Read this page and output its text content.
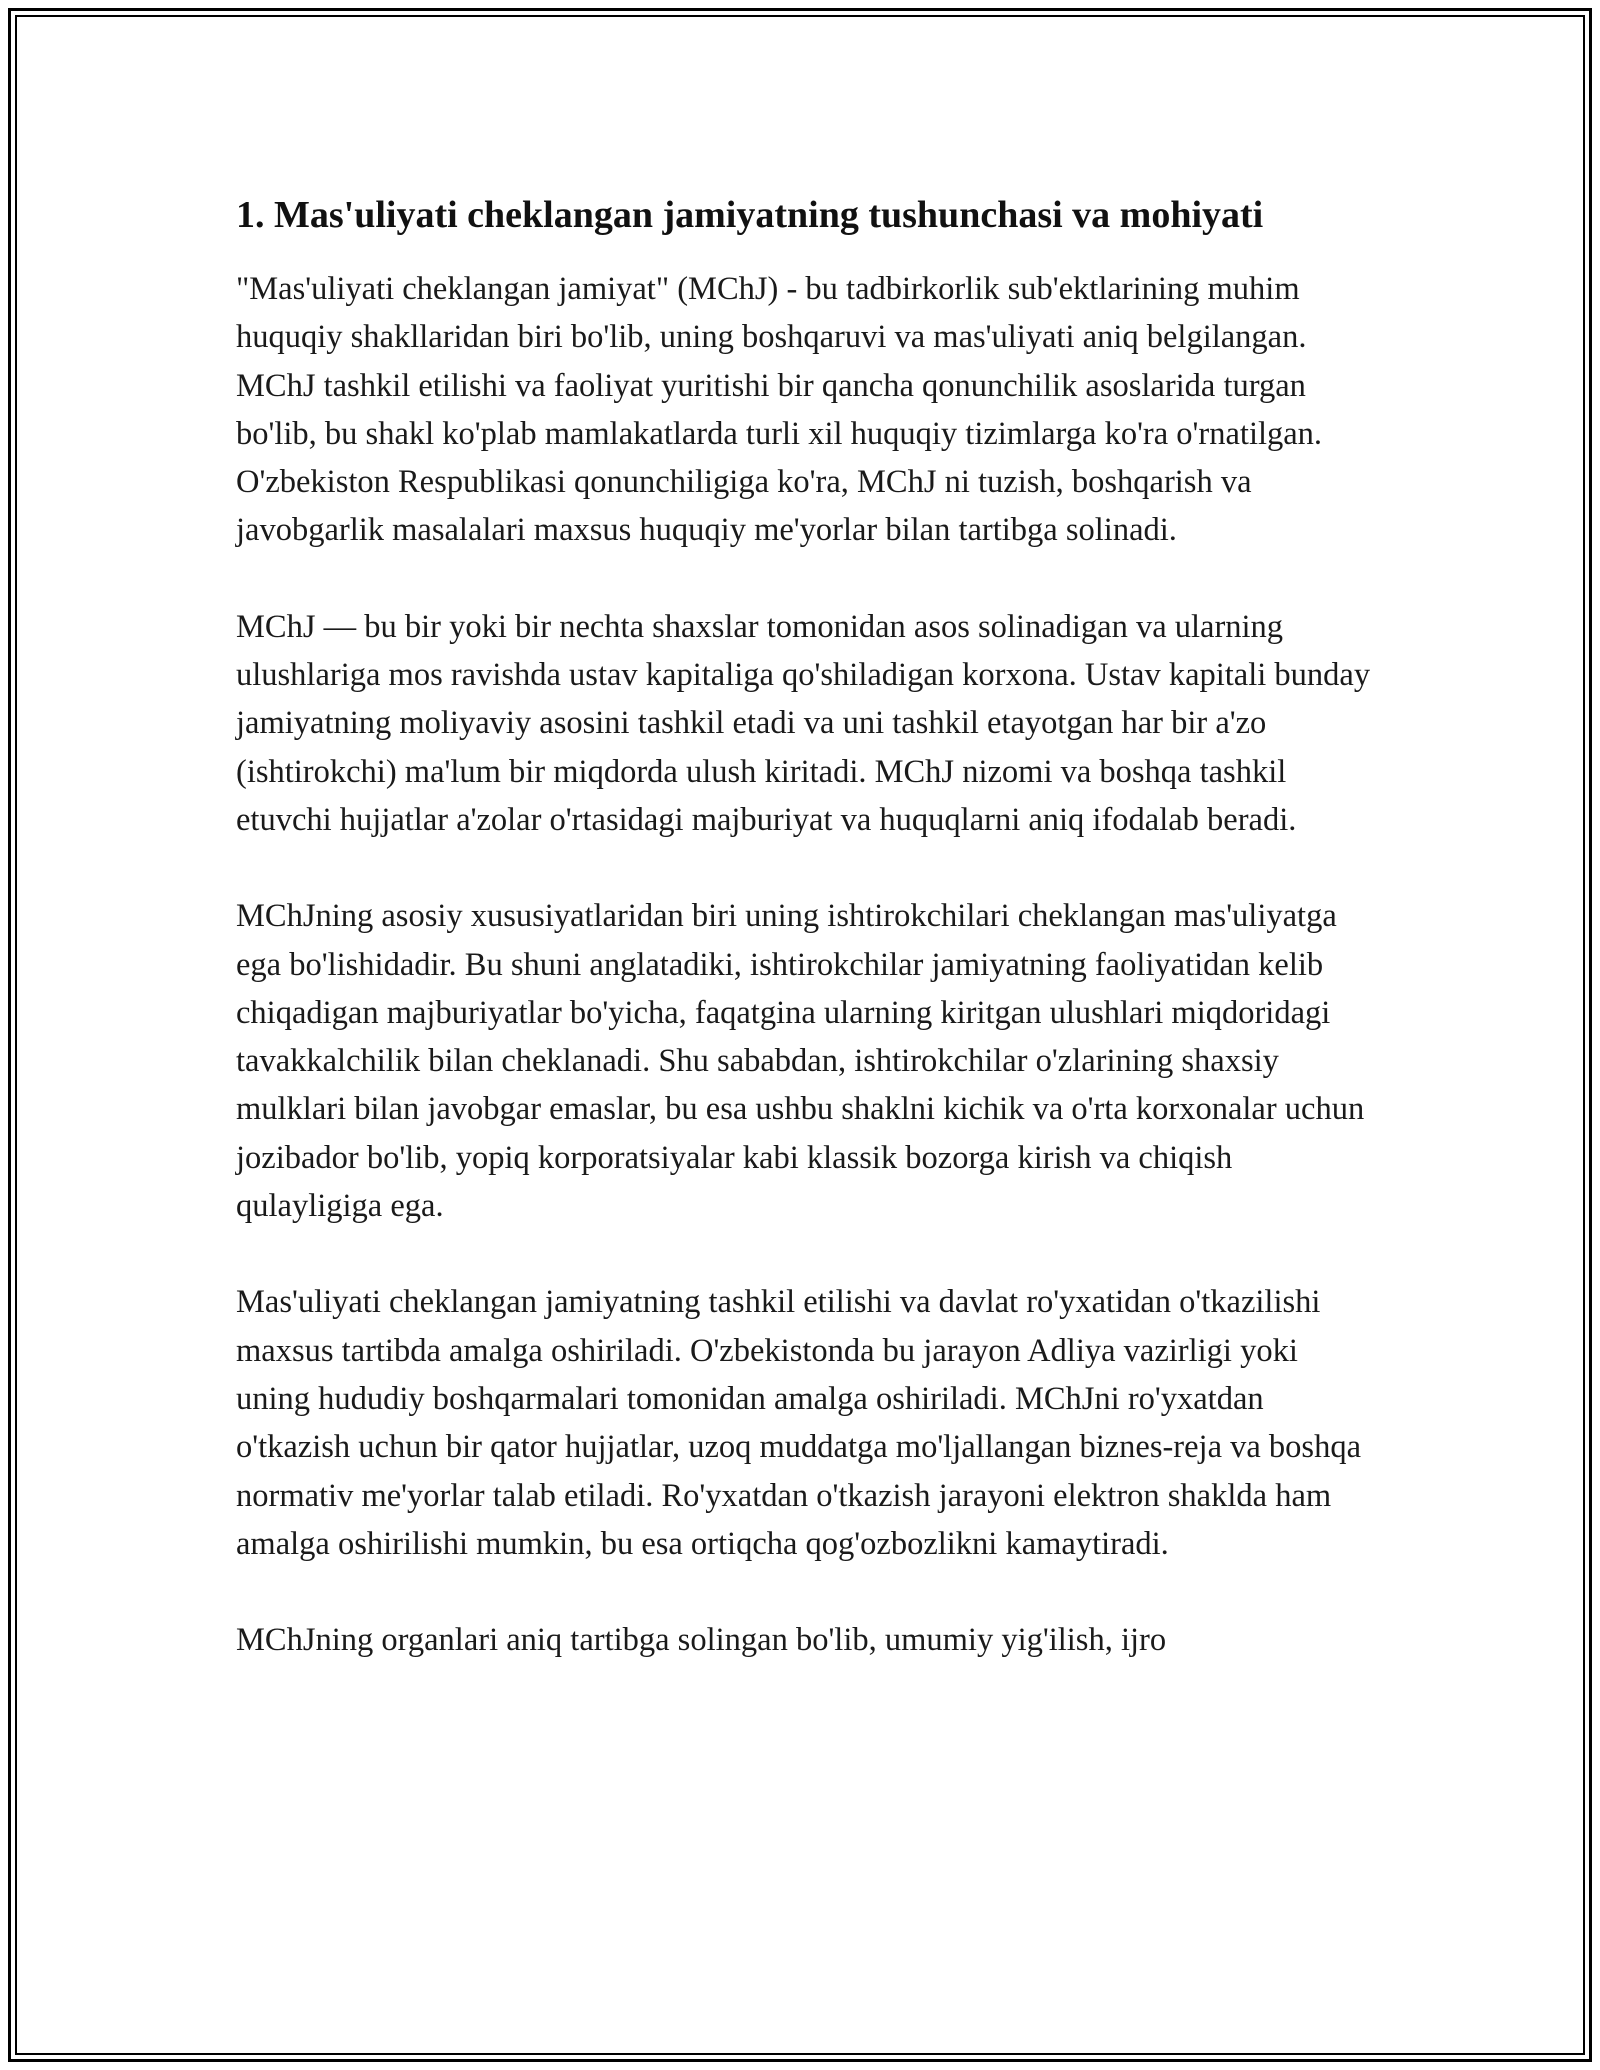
1. Mas'uliyati cheklangan jamiyatning tushunchasi va mohiyati

"Mas'uliyati cheklangan jamiyat" (MChJ) - bu tadbirkorlik sub'ektlarining muhim huquqiy shakllaridan biri bo'lib, uning boshqaruvi va mas'uliyati aniq belgilangan. MChJ tashkil etilishi va faoliyat yuritishi bir qancha qonunchilik asoslarida turgan bo'lib, bu shakl ko'plab mamlakatlarda turli xil huquqiy tizimlarga ko'ra o'rnatilgan. O'zbekiston Respublikasi qonunchiligiga ko'ra, MChJ ni tuzish, boshqarish va javobgarlik masalalari maxsus huquqiy me'yorlar bilan tartibga solinadi.

MChJ — bu bir yoki bir nechta shaxslar tomonidan asos solinadigan va ularning ulushlariga mos ravishda ustav kapitaliga qo'shiladigan korxona. Ustav kapitali bunday jamiyatning moliyaviy asosini tashkil etadi va uni tashkil etayotgan har bir a'zo (ishtirokchi) ma'lum bir miqdorda ulush kiritadi. MChJ nizomi va boshqa tashkil etuvchi hujjatlar a'zolar o'rtasidagi majburiyat va huquqlarni aniq ifodalab beradi.

MChJning asosiy xususiyatlaridan biri uning ishtirokchilari cheklangan mas'uliyatga ega bo'lishidadir. Bu shuni anglatadiki, ishtirokchilar jamiyatning faoliyatidan kelib chiqadigan majburiyatlar bo'yicha, faqatgina ularning kiritgan ulushlari miqdoridagi tavakkalchilik bilan cheklanadi. Shu sababdan, ishtirokchilar o'zlarining shaxsiy mulklari bilan javobgar emaslar, bu esa ushbu shaklni kichik va o'rta korxonalar uchun jozibador bo'lib, yopiq korporatsiyalar kabi klassik bozorga kirish va chiqish qulayligiga ega.

Mas'uliyati cheklangan jamiyatning tashkil etilishi va davlat ro'yxatidan o'tkazilishi maxsus tartibda amalga oshiriladi. O'zbekistonda bu jarayon Adliya vazirligi yoki uning hududiy boshqarmalari tomonidan amalga oshiriladi. MChJni ro'yxatdan o'tkazish uchun bir qator hujjatlar, uzoq muddatga mo'ljallangan biznes-reja va boshqa normativ me'yorlar talab etiladi. Ro'yxatdan o'tkazish jarayoni elektron shaklda ham amalga oshirilishi mumkin, bu esa ortiqcha qog'ozbozlikni kamaytiradi.

MChJning organlari aniq tartibga solingan bo'lib, umumiy yig'ilish, ijro
